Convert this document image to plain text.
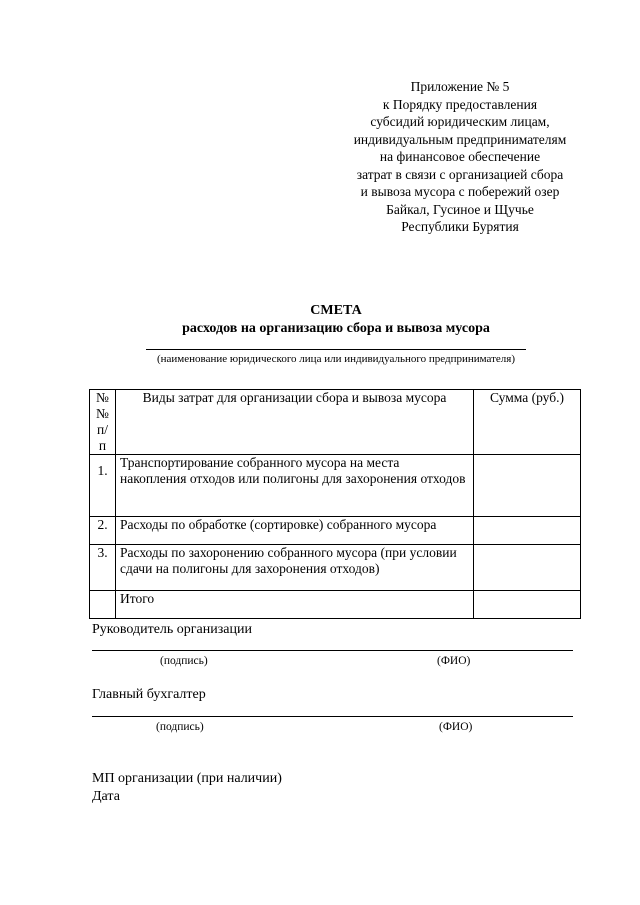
Приложение № 5
к Порядку предоставления
субсидий юридическим лицам,
индивидуальным предпринимателям
на финансовое обеспечение
затрат в связи с организацией сбора
и вывоза мусора с побережий озер
Байкал, Гусиное и Щучье
Республики Бурятия
СМЕТА
расходов на организацию сбора и вывоза мусора
(наименование юридического лица или индивидуального предпринимателя)
№№ п/п	Виды затрат для организации сбора и вывоза мусора	Сумма (руб.)
1.	Транспортирование собранного мусора на места накопления отходов или полигоны для захоронения отходов	
2.	Расходы по обработке (сортировке) собранного мусора	
3.	Расходы по захоронению собранного мусора (при условии сдачи на полигоны для захоронения отходов)	
	Итого	
Руководитель организации
(подпись)	(ФИО)
Главный бухгалтер
(подпись)	(ФИО)
МП организации (при наличии)
Дата
